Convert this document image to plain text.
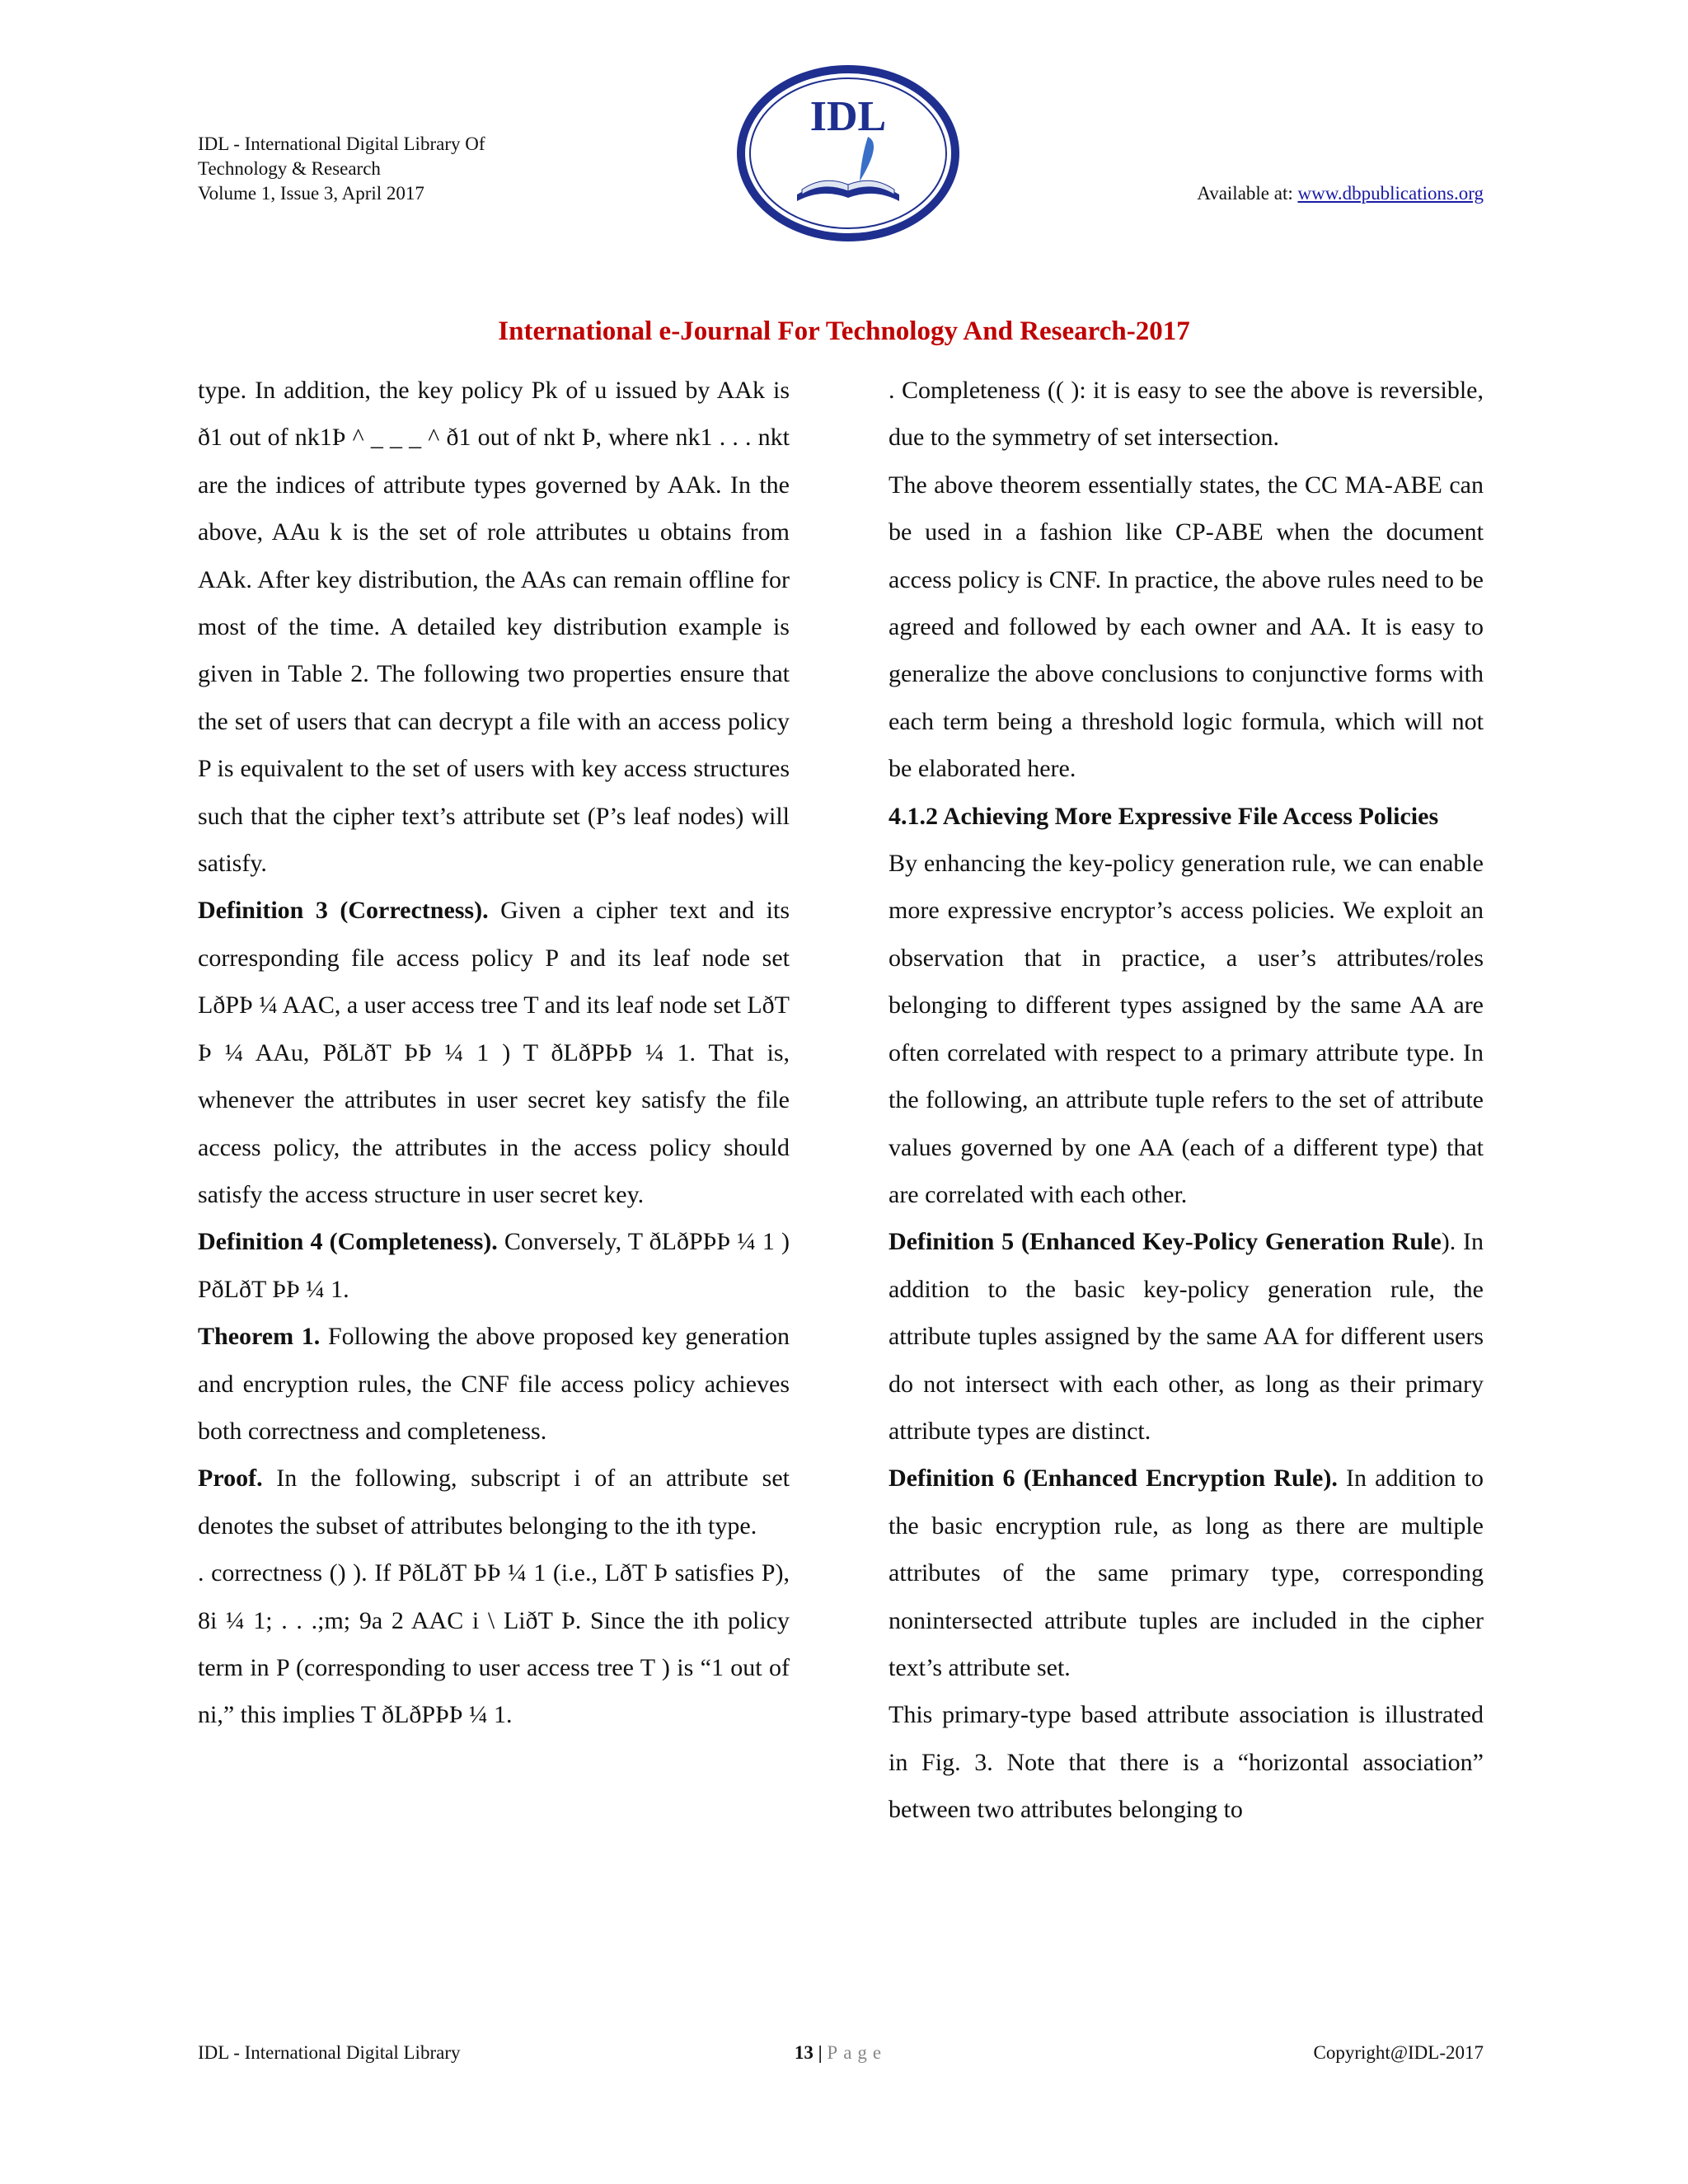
IDL - International Digital Library Of
Technology & Research
Volume 1, Issue 3, April 2017	Available at: www.dbpublications.org
IDL
International e-Journal For Technology And Research-2017

type. In addition, the key policy Pk of u issued by AAk is ð1 out of nk1Þ ^ _ _ _ ^ ð1 out of nkt Þ, where nk1 . . . nkt are the indices of attribute types governed by AAk. In the above, AAu k is the set of role attributes u obtains from AAk. After key distribution, the AAs can remain offline for most of the time. A detailed key distribution example is given in Table 2. The following two properties ensure that the set of users that can decrypt a file with an access policy P is equivalent to the set of users with key access structures such that the cipher text’s attribute set (P’s leaf nodes) will satisfy.

Definition 3 (Correctness). Given a cipher text and its corresponding file access policy P and its leaf node set LðPÞ ¼ AAC, a user access tree T and its leaf node set LðT Þ ¼ AAu, PðLðT ÞÞ ¼ 1 ) T ðLðPÞÞ ¼ 1. That is, whenever the attributes in user secret key satisfy the file access policy, the attributes in the access policy should satisfy the access structure in user secret key.

Definition 4 (Completeness). Conversely, T ðLðPÞÞ ¼ 1 ) PðLðT ÞÞ ¼ 1.

Theorem 1. Following the above proposed key generation and encryption rules, the CNF file access policy achieves both correctness and completeness.

Proof. In the following, subscript i of an attribute set denotes the subset of attributes belonging to the ith type.

. correctness () ). If PðLðT ÞÞ ¼ 1 (i.e., LðT Þ satisfies P), 8i ¼ 1; . . .;m; 9a 2 AAC i \ LiðT Þ. Since the ith policy term in P (corresponding to user access tree T ) is “1 out of ni,” this implies T ðLðPÞÞ ¼ 1.

. Completeness (( ): it is easy to see the above is reversible, due to the symmetry of set intersection.

The above theorem essentially states, the CC MA-ABE can be used in a fashion like CP-ABE when the document access policy is CNF. In practice, the above rules need to be agreed and followed by each owner and AA. It is easy to generalize the above conclusions to conjunctive forms with each term being a threshold logic formula, which will not be elaborated here.

4.1.2 Achieving More Expressive File Access Policies

By enhancing the key-policy generation rule, we can enable more expressive encryptor’s access policies. We exploit an observation that in practice, a user’s attributes/roles belonging to different types assigned by the same AA are often correlated with respect to a primary attribute type. In the following, an attribute tuple refers to the set of attribute values governed by one AA (each of a different type) that are correlated with each other.

Definition 5 (Enhanced Key-Policy Generation Rule). In addition to the basic key-policy generation rule, the attribute tuples assigned by the same AA for different users do not intersect with each other, as long as their primary attribute types are distinct.

Definition 6 (Enhanced Encryption Rule). In addition to the basic encryption rule, as long as there are multiple attributes of the same primary type, corresponding nonintersected attribute tuples are included in the cipher text’s attribute set.

This primary-type based attribute association is illustrated in Fig. 3. Note that there is a “horizontal association” between two attributes belonging to

IDL - International Digital Library	13 | Page	Copyright@IDL-2017
